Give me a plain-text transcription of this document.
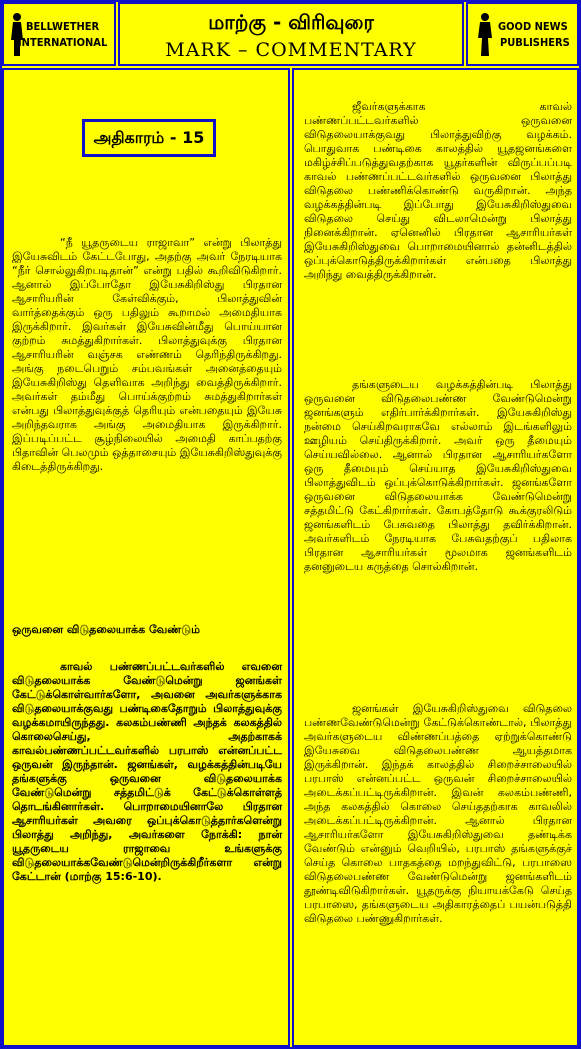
BELLWETHER
INTERNATIONAL
மாற்கு - விரிவுரை
MARK – COMMENTARY
GOOD NEWS
PUBLISHERS
அதிகாரம் - 15

“நீ யூதருடைய ராஜாவா” என்று பிலாத்து இயேசுவிடம் கேட்டபோது, அதற்கு அவர் நேரடியாக “நீர் சொல்லுகிறபடிதான்” என்று பதில் கூறிவிடுகிறார். ஆனால் இப்போதோ இயேசுகிறிஸ்து பிரதான ஆசாரியரின் கேள்விக்கும், பிலாத்துவின் வார்த்தைக்கும் ஒரு பதிலும் கூறாமல் அமைதியாக இருக்கிறார். இவர்கள் இயேசுவின்மீது பொய்யான குற்றம் சுமத்துகிறார்கள். பிலாத்துவுக்கு பிரதான ஆசாரியரின் வஞ்சக எண்ணம் தெரிந்திருக்கிறது. அங்கு நடைபெறும் சம்பவங்கள் அனைத்தையும் இயேசுகிறிஸ்து தெளிவாக அறிந்து வைத்திருக்கிறார். அவர்கள் தம்மீது பொய்க்குற்றம் சுமத்துகிறார்கள் என்பது பிலாத்துவுக்குத் தெரியும் என்பதையும் இயேசு அறிந்தவராக அங்கு அமைதியாக இருக்கிறார். இப்படிப்பட்ட சூழ்நிலையில் அமைதி காப்பதற்கு பிதாவின் பெலமும் ஒத்தாசையும் இயேசுகிறிஸ்துவுக்கு கிடைத்திருக்கிறது.

ஒருவனை விடுதலையாக்க வேண்டும்

காவல் பண்ணப்பட்டவர்களில் எவனை விடுதலையாக்க வேண்டுமென்று ஜனங்கள் கேட்டுக்கொள்வார்களோ, அவனை அவர்களுக்காக விடுதலையாக்குவது பண்டிகைதோறும் பிலாத்துவுக்கு வழக்கமாயிருந்தது. கலகம்பண்ணி அந்தக் கலகத்தில் கொலைசெய்து, அதற்காகக் காவல்பண்ணப்பட்டவர்களில் பரபாஸ் என்னப்பட்ட ஒருவன் இருந்தான். ஜனங்கள், வழக்கத்தின்படியே தங்களுக்கு ஒருவனை விடுதலையாக்க வேண்டுமென்று சத்தமிட்டுக் கேட்டுக்கொள்ளத் தொடங்கினார்கள். பொறாமையினாலே பிரதான ஆசாரியர்கள் அவரை ஒப்புக்கொடுத்தார்களென்று பிலாத்து அறிந்து, அவர்களை நோக்கி: நான் யூதருடைய ராஜாவை உங்களுக்கு விடுதலையாக்கவேண்டுமென்றிருக்கிறீர்களா என்று கேட்டான் (மாற்கு 15:6-10).

ஜீவர்களுக்காக காவல் பண்ணப்பட்டவர்களில் ஒருவனை விடுதலையாக்குவது பிலாத்துவிற்கு வழக்கம். பொதுவாக பண்டிகை காலத்தில் யூதஜனங்களை மகிழ்ச்சிப்படுத்துவதற்காக யூதர்களின் விருப்பப்படி காவல் பண்ணப்பட்டவர்களில் ஒருவனை பிலாத்து விடுதலை பண்ணிக்கொண்டு வருகிறான். அந்த வழக்கத்தின்படி இப்போது இயேசுகிறிஸ்துவை விடுதலை செய்து விடலாமென்று பிலாத்து நினைக்கிறான். ஏனெனில் பிரதான ஆசாரியர்கள் இயேசுகிறிஸ்துவை பொறாமையினால் தன்னிடத்தில் ஒப்புக்கொடுத்திருக்கிறார்கள் என்பதை பிலாத்து அறிந்து வைத்திருக்கிறான்.

தங்களுடைய வழக்கத்தின்படி பிலாத்து ஒருவனை விடுதலைபண்ண வேண்டுமென்று ஜனங்களும் எதிர்பார்க்கிறார்கள். இயேசுகிறிஸ்து நன்மை செய்கிறவராகவே எல்லாம் இடங்களிலும் ஊழியம் செய்திருக்கிறார். அவர் ஒரு தீமையும் செய்யவில்லை. ஆனால் பிரதான ஆசாரியர்களோ ஒரு தீமையும் செய்யாத இயேசுகிறிஸ்துவை பிலாத்துவிடம் ஒப்புக்கொடுக்கிறார்கள். ஜனங்களோ ஒருவனை விடுதலையாக்க வேண்டுமென்று சத்தமிட்டு கேட்கிறார்கள். கோபத்தோடு கூக்குரலிடும் ஜனங்களிடம் பேசுவதை பிலாத்து தவிர்க்கிறான். அவர்களிடம் நேரடியாக பேசுவதற்குப் பதிலாக பிரதான ஆசாரியர்கள் மூலமாக ஜனங்களிடம் தனனுடைய கருத்தை சொல்கிறான்.

ஜனங்கள் இயேசுகிறிஸ்துவை விடுதலை பண்ணவேண்டுமென்று கேட்டுக்கொண்டால், பிலாத்து அவர்களுடைய விண்ணப்பத்தை ஏற்றுக்கொண்டு இயேசுவை விடுதலைபண்ண ஆயத்தமாக இருக்கிறான். இந்தக் காலத்தில் சிறைச்சாலையில் பரபாஸ் என்னப்பட்ட ஒருவன் சிறைச்சாலையில் அடைக்கப்பட்டிருக்கிறான். இவன் கலகம்பண்ணி, அந்த கலகத்தில் கொலை செய்ததற்காக காவலில் அடைக்கப்பட்டிருக்கிறான். ஆனால் பிரதான ஆசாரியர்களோ இயேசுகிறிஸ்துவை தண்டிக்க வேண்டும் என்னும் வெறியில், பரபாஸ் தங்களுக்குச் செய்த கொலை பாதகத்தை மறந்துவிட்டு, பரபாஸை விடுதலைபண்ண வேண்டுமென்று ஜனங்களிடம் தூண்டிவிடுகிறார்கள். யூதருக்கு நியாயக்கேடு செய்த பரபாஸை, தங்களுடைய அதிகாரத்தைப் பயன்படுத்தி விடுதலை பண்ணுகிறார்கள்.
